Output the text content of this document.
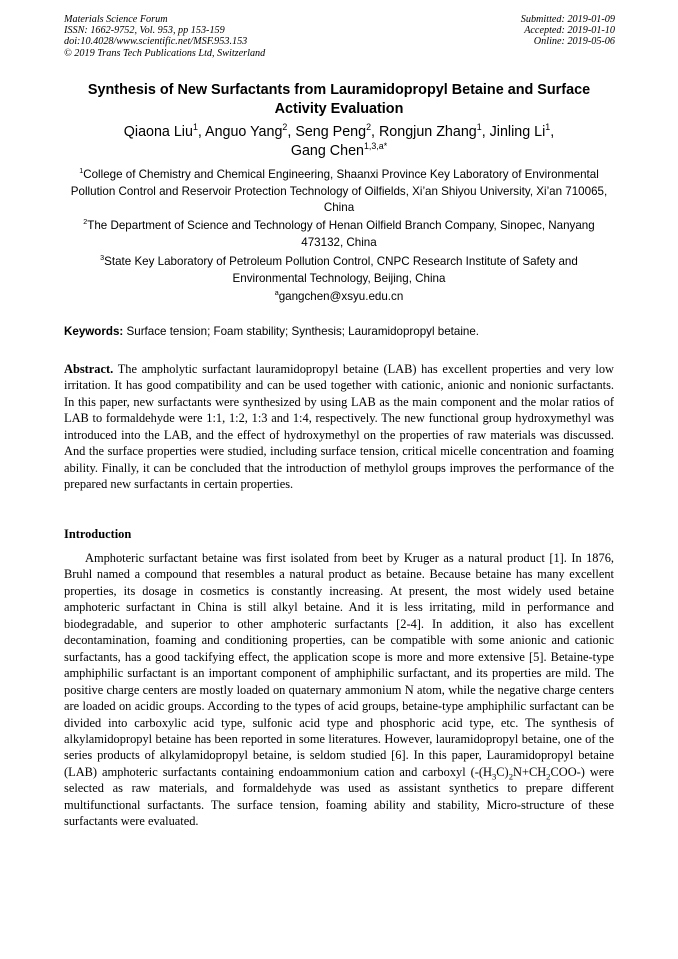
Materials Science Forum
ISSN: 1662-9752, Vol. 953, pp 153-159
doi:10.4028/www.scientific.net/MSF.953.153
© 2019 Trans Tech Publications Ltd, Switzerland
Submitted: 2019-01-09
Accepted: 2019-01-10
Online: 2019-05-06
Synthesis of New Surfactants from Lauramidopropyl Betaine and Surface Activity Evaluation
Qiaona Liu$^1$, Anguo Yang$^2$, Seng Peng$^2$, Rongjun Zhang$^1$, Jinling Li$^1$,
Gang Chen$^{1,3,a*}$
$^1$College of Chemistry and Chemical Engineering, Shaanxi Province Key Laboratory of Environmental Pollution Control and Reservoir Protection Technology of Oilfields, Xi’an Shiyou University, Xi’an 710065, China
$^2$The Department of Science and Technology of Henan Oilfield Branch Company, Sinopec, Nanyang 473132, China
$^3$State Key Laboratory of Petroleum Pollution Control, CNPC Research Institute of Safety and Environmental Technology, Beijing, China
$^a$gangchen@xsyu.edu.cn
Keywords: Surface tension; Foam stability; Synthesis; Lauramidopropyl betaine.
Abstract. The ampholytic surfactant lauramidopropyl betaine (LAB) has excellent properties and very low irritation. It has good compatibility and can be used together with cationic, anionic and nonionic surfactants. In this paper, new surfactants were synthesized by using LAB as the main component and the molar ratios of LAB to formaldehyde were 1:1, 1:2, 1:3 and 1:4, respectively. The new functional group hydroxymethyl was introduced into the LAB, and the effect of hydroxymethyl on the properties of raw materials was discussed. And the surface properties were studied, including surface tension, critical micelle concentration and foaming ability. Finally, it can be concluded that the introduction of methylol groups improves the performance of the prepared new surfactants in certain properties.
Introduction
Amphoteric surfactant betaine was first isolated from beet by Kruger as a natural product [1]. In 1876, Bruhl named a compound that resembles a natural product as betaine. Because betaine has many excellent properties, its dosage in cosmetics is constantly increasing. At present, the most widely used betaine amphoteric surfactant in China is still alkyl betaine. And it is less irritating, mild in performance and biodegradable, and superior to other amphoteric surfactants [2-4]. In addition, it also has excellent decontamination, foaming and conditioning properties, can be compatible with some anionic and cationic surfactants, has a good tackifying effect, the application scope is more and more extensive [5]. Betaine-type amphiphilic surfactant is an important component of amphiphilic surfactant, and its properties are mild. The positive charge centers are mostly loaded on quaternary ammonium N atom, while the negative charge centers are loaded on acidic groups. According to the types of acid groups, betaine-type amphiphilic surfactant can be divided into carboxylic acid type, sulfonic acid type and phosphoric acid type, etc. The synthesis of alkylamidopropyl betaine has been reported in some literatures. However, lauramidopropyl betaine, one of the series products of alkylamidopropyl betaine, is seldom studied [6]. In this paper, Lauramidopropyl betaine (LAB) amphoteric surfactants containing endoammonium cation and carboxyl $(-(H_3C)_2N+CH_2COO-)$ were selected as raw materials, and formaldehyde was used as assistant synthetics to prepare different multifunctional surfactants. The surface tension, foaming ability and stability, Micro-structure of these surfactants were evaluated.
